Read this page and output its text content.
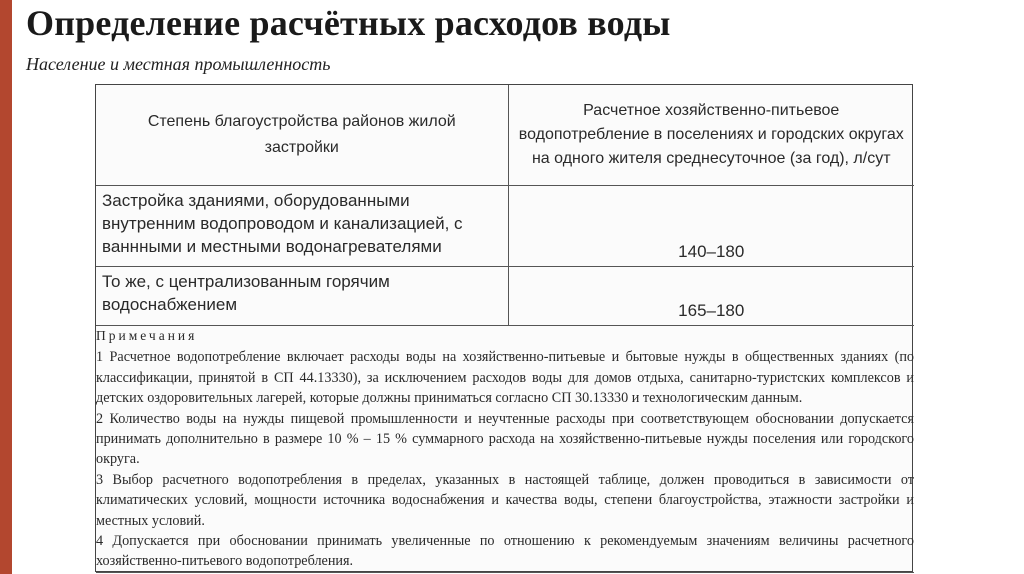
Определение расчётных расходов воды
Население и местная промышленность
Степень благоустройства районов жилой застройки	Расчетное хозяйственно-питьевое водопотребление в поселениях и городских округах на одного жителя среднесуточное (за год), л/сут
Застройка зданиями, оборудованными внутренним водопроводом и канализацией, с ваннными и местными водонагревателями	140–180
То же, с централизованным горячим водоснабжением	165–180

Примечания

1 Расчетное водопотребление включает расходы воды на хозяйственно-питьевые и бытовые нужды в общественных зданиях (по классификации, принятой в СП 44.13330), за исключением расходов воды для домов отдыха, санитарно-туристских комплексов и детских оздоровительных лагерей, которые должны приниматься согласно СП 30.13330 и технологическим данным.

2 Количество воды на нужды пищевой промышленности и неучтенные расходы при соответствующем обосновании допускается принимать дополнительно в размере 10 % – 15 % суммарного расхода на хозяйственно-питьевые нужды поселения или городского округа.

3 Выбор расчетного водопотребления в пределах, указанных в настоящей таблице, должен проводиться в зависимости от климатических условий, мощности источника водоснабжения и качества воды, степени благоустройства, этажности застройки и местных условий.

4 Допускается при обосновании принимать увеличенные по отношению к рекомендуемым значениям величины расчетного хозяйственно-питьевого водопотребления.	
